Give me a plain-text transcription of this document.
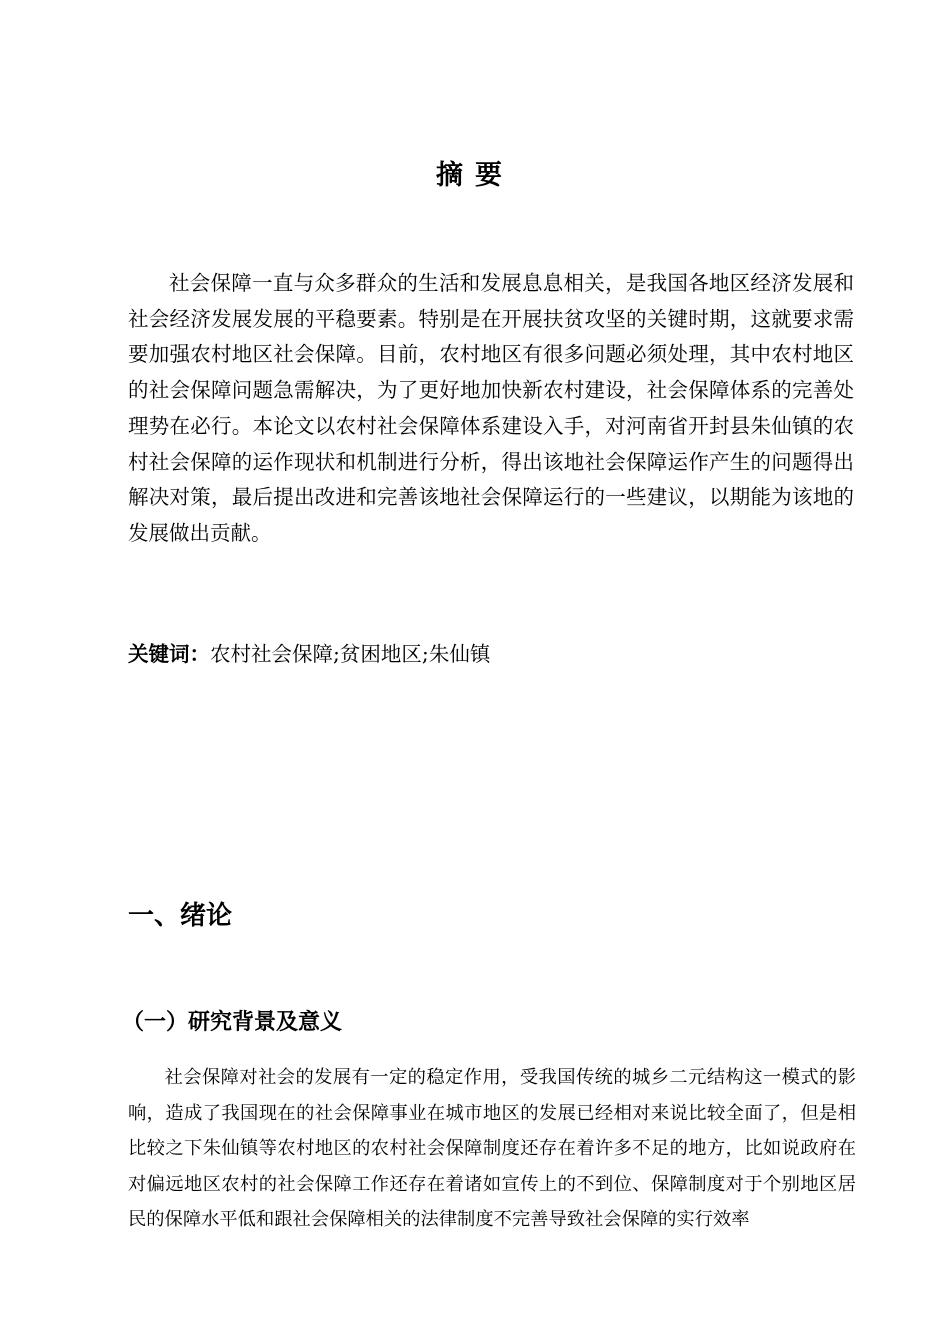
摘要

社会保障一直与众多群众的生活和发展息息相关，是我国各地区经济发展和社会经济发展发展的平稳要素。特别是在开展扶贫攻坚的关键时期，这就要求需要加强农村地区社会保障。目前，农村地区有很多问题必须处理，其中农村地区的社会保障问题急需解决，为了更好地加快新农村建设，社会保障体系的完善处理势在必行。本论文以农村社会保障体系建设入手，对河南省开封县朱仙镇的农村社会保障的运作现状和机制进行分析，得出该地社会保障运作产生的问题得出解决对策，最后提出改进和完善该地社会保障运行的一些建议，以期能为该地的发展做出贡献。

关键词：农村社会保障;贫困地区;朱仙镇

一、绪论
（一）研究背景及意义

社会保障对社会的发展有一定的稳定作用，受我国传统的城乡二元结构这一模式的影响，造成了我国现在的社会保障事业在城市地区的发展已经相对来说比较全面了，但是相比较之下朱仙镇等农村地区的农村社会保障制度还存在着许多不足的地方，比如说政府在对偏远地区农村的社会保障工作还存在着诸如宣传上的不到位、保障制度对于个别地区居民的保障水平低和跟社会保障相关的法律制度不完善导致社会保障的实行效率
